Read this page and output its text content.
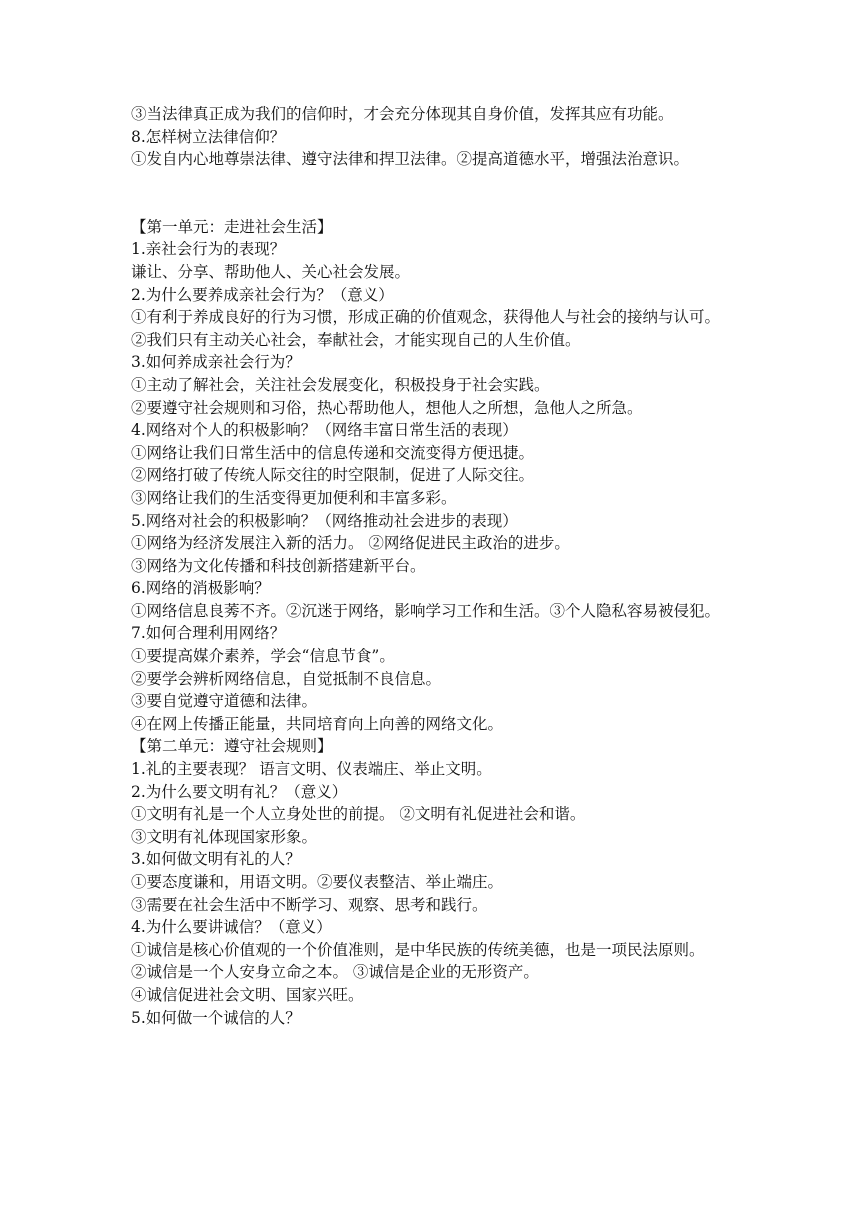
③当法律真正成为我们的信仰时，才会充分体现其自身价值，发挥其应有功能。
8.怎样树立法律信仰？
①发自内心地尊崇法律、遵守法律和捍卫法律。②提高道德水平，增强法治意识。
【第一单元：走进社会生活】
1.亲社会行为的表现？
谦让、分享、帮助他人、关心社会发展。
2.为什么要养成亲社会行为？（意义）
①有利于养成良好的行为习惯，形成正确的价值观念，获得他人与社会的接纳与认可。
②我们只有主动关心社会，奉献社会，才能实现自己的人生价值。
3.如何养成亲社会行为？
①主动了解社会，关注社会发展变化，积极投身于社会实践。
②要遵守社会规则和习俗，热心帮助他人，想他人之所想，急他人之所急。
4.网络对个人的积极影响？（网络丰富日常生活的表现）
①网络让我们日常生活中的信息传递和交流变得方便迅捷。
②网络打破了传统人际交往的时空限制，促进了人际交往。
③网络让我们的生活变得更加便利和丰富多彩。
5.网络对社会的积极影响？（网络推动社会进步的表现）
①网络为经济发展注入新的活力。 ②网络促进民主政治的进步。
③网络为文化传播和科技创新搭建新平台。
6.网络的消极影响？
①网络信息良莠不齐。②沉迷于网络，影响学习工作和生活。③个人隐私容易被侵犯。
7.如何合理利用网络？
①要提高媒介素养，学会“信息节食”。
②要学会辨析网络信息，自觉抵制不良信息。
③要自觉遵守道德和法律。
④在网上传播正能量，共同培育向上向善的网络文化。
【第二单元：遵守社会规则】
1.礼的主要表现？ 语言文明、仪表端庄、举止文明。
2.为什么要文明有礼？（意义）
①文明有礼是一个人立身处世的前提。 ②文明有礼促进社会和谐。
③文明有礼体现国家形象。
3.如何做文明有礼的人？
①要态度谦和，用语文明。②要仪表整洁、举止端庄。
③需要在社会生活中不断学习、观察、思考和践行。
4.为什么要讲诚信？（意义）
①诚信是核心价值观的一个价值准则，是中华民族的传统美德，也是一项民法原则。
②诚信是一个人安身立命之本。 ③诚信是企业的无形资产。
④诚信促进社会文明、国家兴旺。
5.如何做一个诚信的人？
